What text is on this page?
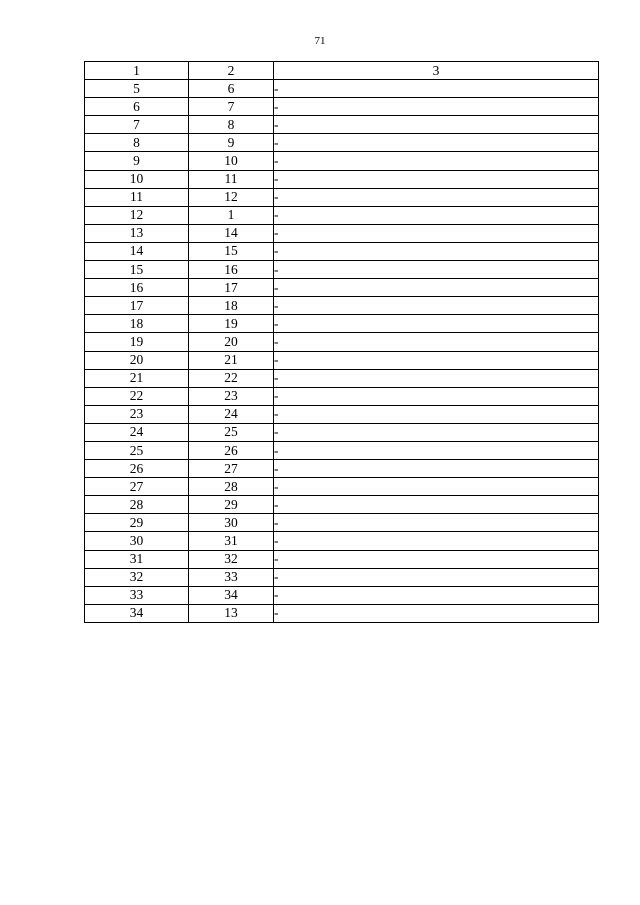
71
1	2	3
5	6	-
6	7	-
7	8	-
8	9	-
9	10	-
10	11	-
11	12	-
12	1	-
13	14	-
14	15	-
15	16	-
16	17	-
17	18	-
18	19	-
19	20	-
20	21	-
21	22	-
22	23	-
23	24	-
24	25	-
25	26	-
26	27	-
27	28	-
28	29	-
29	30	-
30	31	-
31	32	-
32	33	-
33	34	-
34	13	-
